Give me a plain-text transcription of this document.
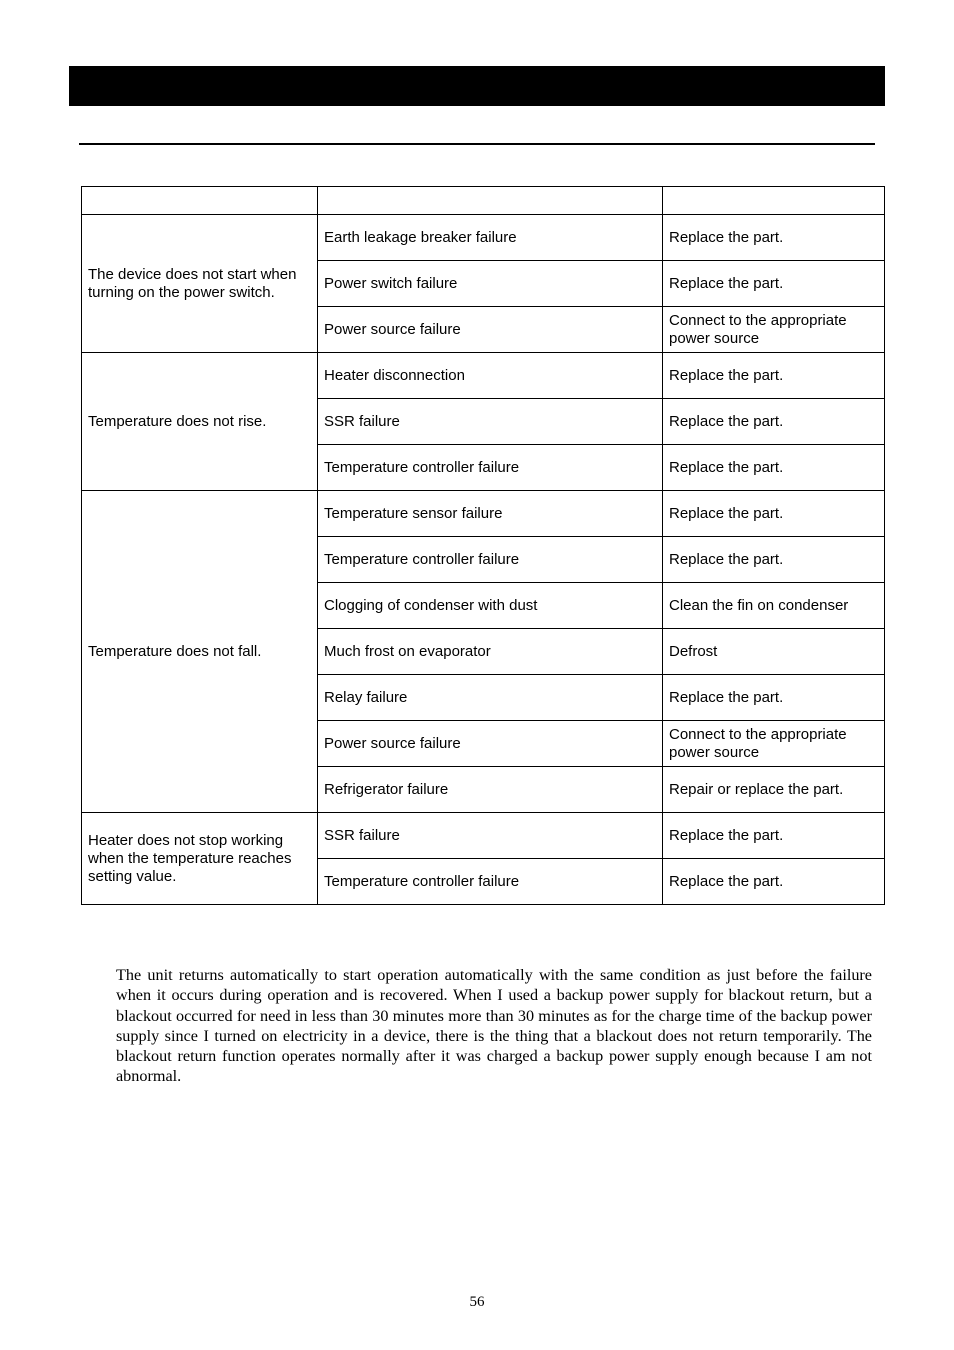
The device does not start when turning on the power switch.	Earth leakage breaker failure	Replace the part.
	Power switch failure	Replace the part.
	Power source failure	Connect to the appropriate power source
Temperature does not rise.	Heater disconnection	Replace the part.
	SSR failure	Replace the part.
	Temperature controller failure	Replace the part.
Temperature does not fall.	Temperature sensor failure	Replace the part.
	Temperature controller failure	Replace the part.
	Clogging of condenser with dust	Clean the fin on condenser
	Much frost on evaporator	Defrost
	Relay failure	Replace the part.
	Power source failure	Connect to the appropriate power source
	Refrigerator failure	Repair or replace the part.
Heater does not stop working when the temperature reaches setting value.	SSR failure	Replace the part.
	Temperature controller failure	Replace the part.

The unit returns automatically to start operation automatically with the same condition as just before the failure when it occurs during operation and is recovered. When I used a backup power supply for blackout return, but a blackout occurred for need in less than 30 minutes more than 30 minutes as for the charge time of the backup power supply since I turned on electricity in a device, there is the thing that a blackout does not return temporarily. The blackout return function operates normally after it was charged a backup power supply enough because I am not abnormal.

56
